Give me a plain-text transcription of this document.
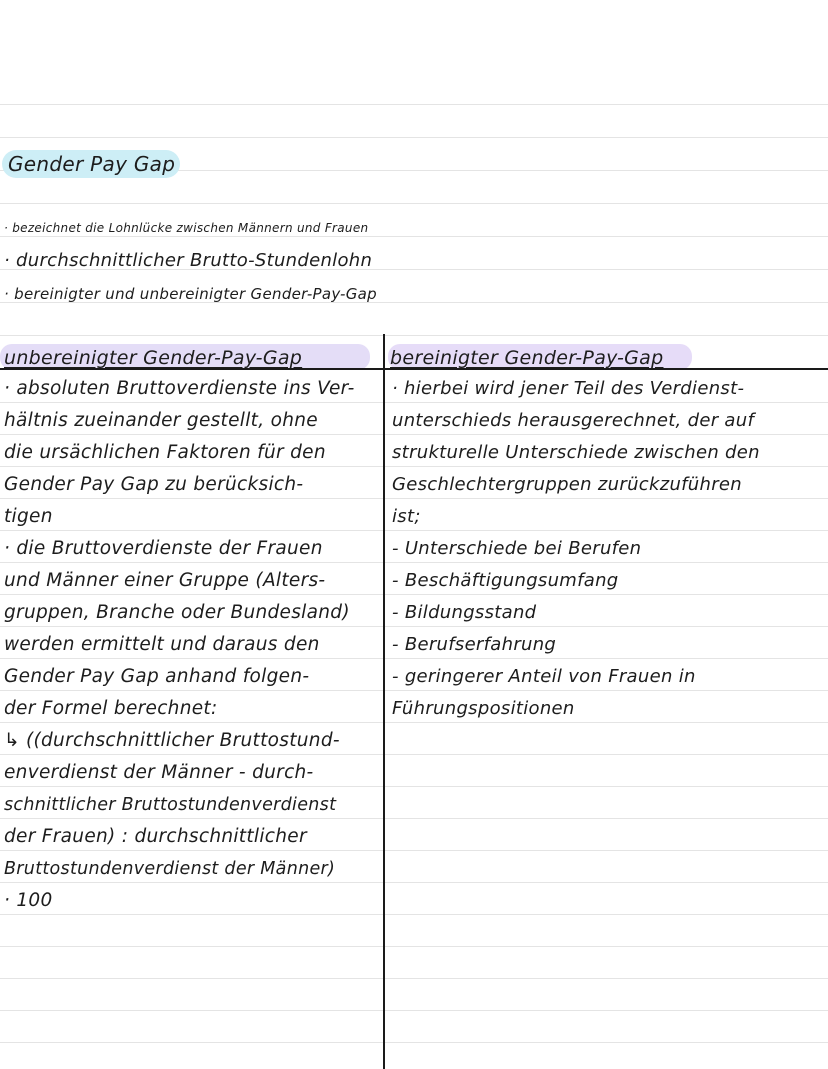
Gender Pay Gap
· bezeichnet die Lohnlücke zwischen Männern und Frauen
· durchschnittlicher Brutto-Stundenlohn
· bereinigter und unbereinigter Gender-Pay-Gap
unbereinigter Gender-Pay-Gap	bereinigter Gender-Pay-Gap
· absoluten Bruttoverdienste ins Ver-
hältnis zueinander gestellt, ohne
die ursächlichen Faktoren für den
Gender Pay Gap zu berücksich-
tigen
· die Bruttoverdienste der Frauen
und Männer einer Gruppe (Alters-
gruppen, Branche oder Bundesland)
werden ermittelt und daraus den
Gender Pay Gap anhand folgen-
der Formel berechnet:
↳ ((durchschnittlicher Bruttostund-
enverdienst der Männer - durch-
schnittlicher Bruttostundenverdienst
der Frauen) : durchschnittlicher
Bruttostundenverdienst der Männer)
· 100
· hierbei wird jener Teil des Verdienst-
unterschieds herausgerechnet, der auf
strukturelle Unterschiede zwischen den
Geschlechtergruppen zurückzuführen
ist;
- Unterschiede bei Berufen
- Beschäftigungsumfang
- Bildungsstand
- Berufserfahrung
- geringerer Anteil von Frauen in
Führungspositionen
